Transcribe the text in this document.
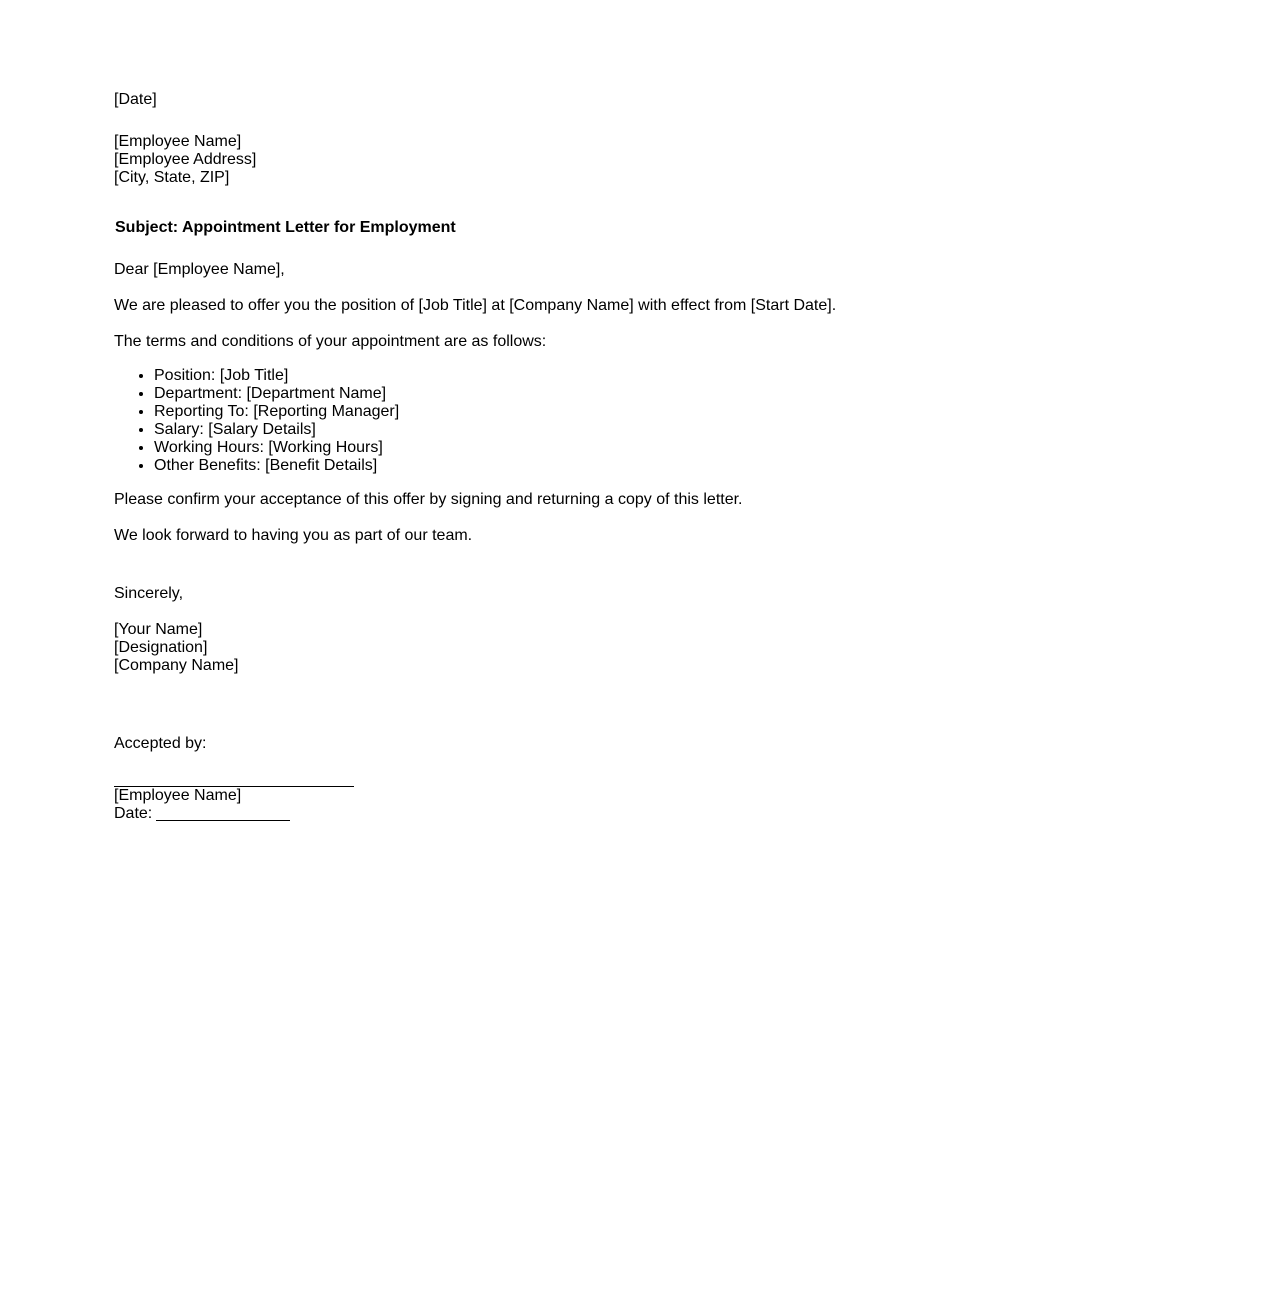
[Date]
[Employee Name]
[Employee Address]
[City, State, ZIP]
Subject: Appointment Letter for Employment
Dear [Employee Name],
We are pleased to offer you the position of [Job Title] at [Company Name] with effect from [Start Date].
The terms and conditions of your appointment are as follows:
• Position: [Job Title]
• Department: [Department Name]
• Reporting To: [Reporting Manager]
• Salary: [Salary Details]
• Working Hours: [Working Hours]
• Other Benefits: [Benefit Details]
Please confirm your acceptance of this offer by signing and returning a copy of this letter.
We look forward to having you as part of our team.
Sincerely,
[Your Name]
[Designation]
[Company Name]
Accepted by:
[Employee Name]
Date:
